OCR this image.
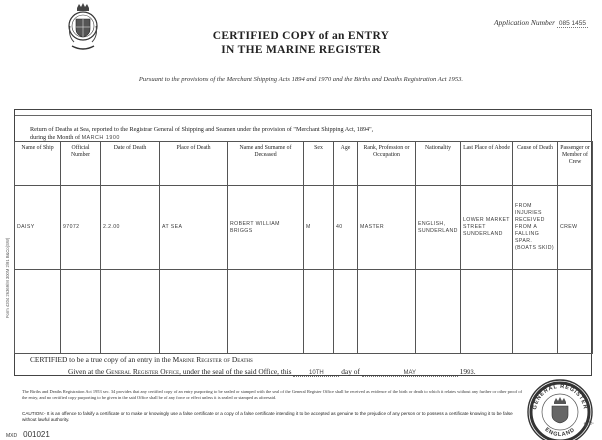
Application Number 085 1455
CERTIFIED COPY of an ENTRY
IN THE MARINE REGISTER
Pursuant to the provisions of the Merchant Shipping Acts 1894 and 1970 and the Births and Deaths Registration Act 1953.
Form 4204 26369/M 300M 2/91 B&Co(SW)
Return of Deaths at Sea, reported to the Registrar General of Shipping and Seamen under the provision of "Merchant Shipping Act, 1894",
during the Month of MARCH 1900
Name of Ship	Official Number	Date of Death	Place of Death	Name and Surname of Deceased	Sex	Age	Rank, Profession or Occupation	Nationality	Last Place of Abode	Cause of Death	Passenger or Member of Crew
DAISY	97072	2.2.00	AT SEA	ROBERT WILLIAM BRIGGS	M	40	MASTER	ENGLISH, SUNDERLAND	LOWER MARKET STREET SUNDERLAND	FROM INJURIES RECEIVED FROM A FALLING SPAR. (BOATS SKID)	CREW

CERTIFIED to be a true copy of an entry in the Marine Register of Deaths
Given at the General Register Office, under the seal of the said Office, this	10TH day of	MAY	1993.
The Births and Deaths Registration Act 1953 sec. 34 provides that any certified copy of an entry purporting to be sealed or stamped with the seal of the General Register Office shall be received as evidence of the birth or death to which it relates without any further or other proof of the entry, and no certified copy purporting to be given in the said Office shall be of any force or effect unless it is sealed or stamped as aforesaid.
CAUTION:- It is an offence to falsify a certificate or to make or knowingly use a false certificate or a copy of a false certificate intending it to be accepted as genuine to the prejudice of any person or to possess a certificate knowing it to be false without lawful authority.
MXD 001021
GENERAL REGISTER
ENGLAND
E.S.
